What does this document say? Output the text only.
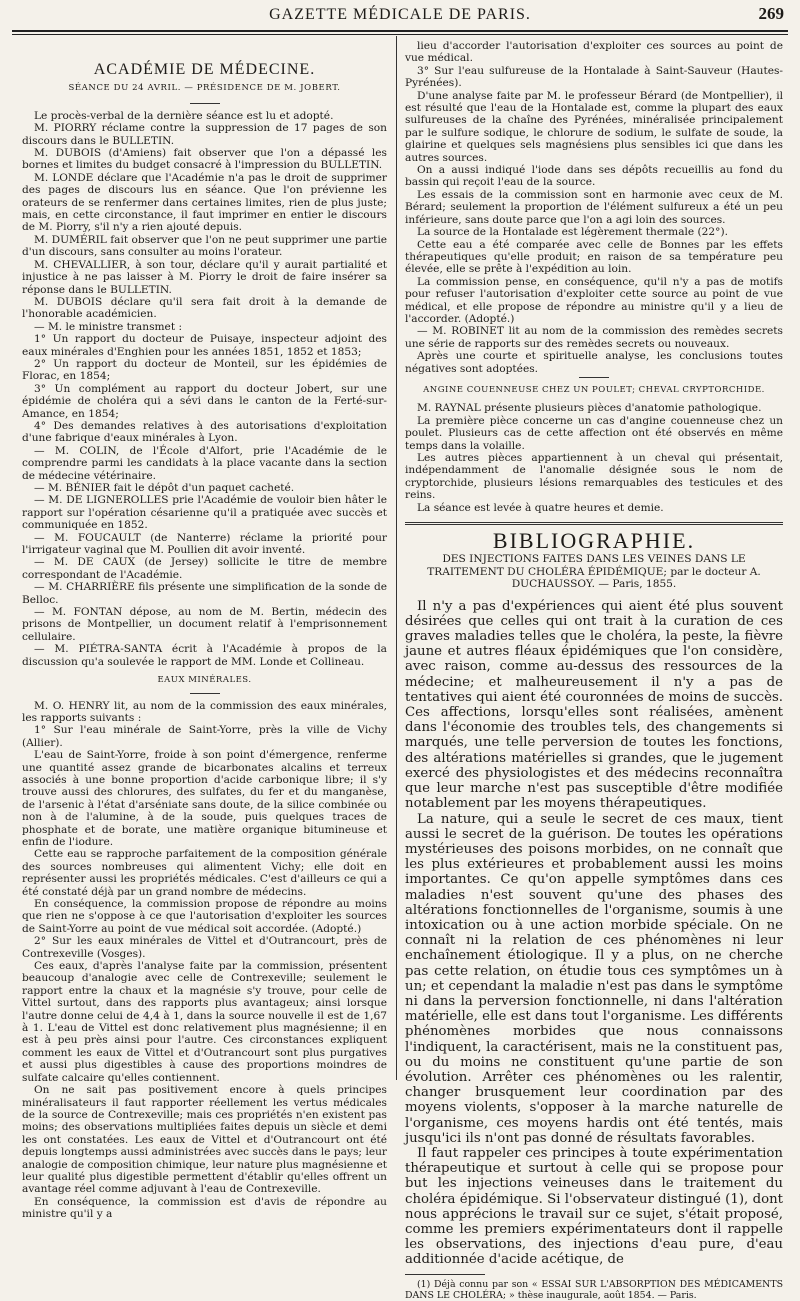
GAZETTE MÉDICALE DE PARIS.	269
ACADÉMIE DE MÉDECINE.
SÉANCE DU 24 AVRIL. — PRÉSIDENCE DE M. JOBERT.

Le procès-verbal de la dernière séance est lu et adopté.

M. PIORRY réclame contre la suppression de 17 pages de son discours dans le BULLETIN.

M. DUBOIS (d'Amiens) fait observer que l'on a dépassé les bornes et limites du budget consacré à l'impression du BULLETIN.

M. LONDE déclare que l'Académie n'a pas le droit de supprimer des pages de discours lus en séance. Que l'on prévienne les orateurs de se renfermer dans certaines limites, rien de plus juste; mais, en cette circonstance, il faut imprimer en entier le discours de M. Piorry, s'il n'y a rien ajouté depuis.

M. DUMÉRIL fait observer que l'on ne peut supprimer une partie d'un discours, sans consulter au moins l'orateur.

M. CHEVALLIER, à son tour, déclare qu'il y aurait partialité et injustice à ne pas laisser à M. Piorry le droit de faire insérer sa réponse dans le BULLETIN.

M. DUBOIS déclare qu'il sera fait droit à la demande de l'honorable académicien.

— M. le ministre transmet :

1° Un rapport du docteur de Puisaye, inspecteur adjoint des eaux minérales d'Enghien pour les années 1851, 1852 et 1853;

2° Un rapport du docteur de Monteil, sur les épidémies de Florac, en 1854;

3° Un complément au rapport du docteur Jobert, sur une épidémie de choléra qui a sévi dans le canton de la Ferté-sur-Amance, en 1854;

4° Des demandes relatives à des autorisations d'exploitation d'une fabrique d'eaux minérales à Lyon.

— M. COLIN, de l'École d'Alfort, prie l'Académie de le comprendre parmi les candidats à la place vacante dans la section de médecine vétérinaire.

— M. BÉNIER fait le dépôt d'un paquet cacheté.

— M. DE LIGNEROLLES prie l'Académie de vouloir bien hâter le rapport sur l'opération césarienne qu'il a pratiquée avec succès et communiquée en 1852.

— M. FOUCAULT (de Nanterre) réclame la priorité pour l'irrigateur vaginal que M. Poullien dit avoir inventé.

— M. DE CAUX (de Jersey) sollicite le titre de membre correspondant de l'Académie.

— M. CHARRIÈRE fils présente une simplification de la sonde de Belloc.

— M. FONTAN dépose, au nom de M. Bertin, médecin des prisons de Montpellier, un document relatif à l'emprisonnement cellulaire.

— M. PIÉTRA-SANTA écrit à l'Académie à propos de la discussion qu'a soulevée le rapport de MM. Londe et Collineau.

EAUX MINÉRALES.

M. O. HENRY lit, au nom de la commission des eaux minérales, les rapports suivants :

1° Sur l'eau minérale de Saint-Yorre, près la ville de Vichy (Allier).

L'eau de Saint-Yorre, froide à son point d'émergence, renferme une quantité assez grande de bicarbonates alcalins et terreux associés à une bonne proportion d'acide carbonique libre; il s'y trouve aussi des chlorures, des sulfates, du fer et du manganèse, de l'arsenic à l'état d'arséniate sans doute, de la silice combinée ou non à de l'alumine, à de la soude, puis quelques traces de phosphate et de borate, une matière organique bitumineuse et enfin de l'iodure.

Cette eau se rapproche parfaitement de la composition générale des sources nombreuses qui alimentent Vichy; elle doit en représenter aussi les propriétés médicales. C'est d'ailleurs ce qui a été constaté déjà par un grand nombre de médecins.

En conséquence, la commission propose de répondre au moins que rien ne s'oppose à ce que l'autorisation d'exploiter les sources de Saint-Yorre au point de vue médical soit accordée. (Adopté.)

2° Sur les eaux minérales de Vittel et d'Outrancourt, près de Contrexeville (Vosges).

Ces eaux, d'après l'analyse faite par la commission, présentent beaucoup d'analogie avec celle de Contrexeville; seulement le rapport entre la chaux et la magnésie s'y trouve, pour celle de Vittel surtout, dans des rapports plus avantageux; ainsi lorsque l'autre donne celui de 4,4 à 1, dans la source nouvelle il est de 1,67 à 1. L'eau de Vittel est donc relativement plus magnésienne; il en est à peu près ainsi pour l'autre. Ces circonstances expliquent comment les eaux de Vittel et d'Outrancourt sont plus purgatives et aussi plus digestibles à cause des proportions moindres de sulfate calcaire qu'elles contiennent.

On ne sait pas positivement encore à quels principes minéralisateurs il faut rapporter réellement les vertus médicales de la source de Contrexeville; mais ces propriétés n'en existent pas moins; des observations multipliées faites depuis un siècle et demi les ont constatées. Les eaux de Vittel et d'Outrancourt ont été depuis longtemps aussi administrées avec succès dans le pays; leur analogie de composition chimique, leur nature plus magnésienne et leur qualité plus digestible permettent d'établir qu'elles offrent un avantage réel comme adjuvant à l'eau de Contrexeville.

En conséquence, la commission est d'avis de répondre au ministre qu'il y a

lieu d'accorder l'autorisation d'exploiter ces sources au point de vue médical.

3° Sur l'eau sulfureuse de la Hontalade à Saint-Sauveur (Hautes-Pyrénées).

D'une analyse faite par M. le professeur Bérard (de Montpellier), il est résulté que l'eau de la Hontalade est, comme la plupart des eaux sulfureuses de la chaîne des Pyrénées, minéralisée principalement par le sulfure sodique, le chlorure de sodium, le sulfate de soude, la glairine et quelques sels magnésiens plus sensibles ici que dans les autres sources.

On a aussi indiqué l'iode dans ses dépôts recueillis au fond du bassin qui reçoit l'eau de la source.

Les essais de la commission sont en harmonie avec ceux de M. Bérard; seulement la proportion de l'élément sulfureux a été un peu inférieure, sans doute parce que l'on a agi loin des sources.

La source de la Hontalade est légèrement thermale (22°).

Cette eau a été comparée avec celle de Bonnes par les effets thérapeutiques qu'elle produit; en raison de sa température peu élevée, elle se prête à l'expédition au loin.

La commission pense, en conséquence, qu'il n'y a pas de motifs pour refuser l'autorisation d'exploiter cette source au point de vue médical, et elle propose de répondre au ministre qu'il y a lieu de l'accorder. (Adopté.)

— M. ROBINET lit au nom de la commission des remèdes secrets une série de rapports sur des remèdes secrets ou nouveaux.

Après une courte et spirituelle analyse, les conclusions toutes négatives sont adoptées.

ANGINE COUENNEUSE CHEZ UN POULET; CHEVAL CRYPTORCHIDE.

M. RAYNAL présente plusieurs pièces d'anatomie pathologique.

La première pièce concerne un cas d'angine couenneuse chez un poulet. Plusieurs cas de cette affection ont été observés en même temps dans la volaille.

Les autres pièces appartiennent à un cheval qui présentait, indépendamment de l'anomalie désignée sous le nom de cryptorchide, plusieurs lésions remarquables des testicules et des reins.

La séance est levée à quatre heures et demie.

BIBLIOGRAPHIE.
DES INJECTIONS FAITES DANS LES VEINES DANS LE TRAITEMENT DU CHOLÉRA ÉPIDÉMIQUE; par le docteur A. DUCHAUSSOY. — Paris, 1855.

Il n'y a pas d'expériences qui aient été plus souvent désirées que celles qui ont trait à la curation de ces graves maladies telles que le choléra, la peste, la fièvre jaune et autres fléaux épidémiques que l'on considère, avec raison, comme au-dessus des ressources de la médecine; et malheureusement il n'y a pas de tentatives qui aient été couronnées de moins de succès. Ces affections, lorsqu'elles sont réalisées, amènent dans l'économie des troubles tels, des changements si marqués, une telle perversion de toutes les fonctions, des altérations matérielles si grandes, que le jugement exercé des physiologistes et des médecins reconnaîtra que leur marche n'est pas susceptible d'être modifiée notablement par les moyens thérapeutiques.

La nature, qui a seule le secret de ces maux, tient aussi le secret de la guérison. De toutes les opérations mystérieuses des poisons morbides, on ne connaît que les plus extérieures et probablement aussi les moins importantes. Ce qu'on appelle symptômes dans ces maladies n'est souvent qu'une des phases des altérations fonctionnelles de l'organisme, soumis à une intoxication ou à une action morbide spéciale. On ne connaît ni la relation de ces phénomènes ni leur enchaînement étiologique. Il y a plus, on ne cherche pas cette relation, on étudie tous ces symptômes un à un; et cependant la maladie n'est pas dans le symptôme ni dans la perversion fonctionnelle, ni dans l'altération matérielle, elle est dans tout l'organisme. Les différents phénomènes morbides que nous connaissons l'indiquent, la caractérisent, mais ne la constituent pas, ou du moins ne constituent qu'une partie de son évolution. Arrêter ces phénomènes ou les ralentir, changer brusquement leur coordination par des moyens violents, s'opposer à la marche naturelle de l'organisme, ces moyens hardis ont été tentés, mais jusqu'ici ils n'ont pas donné de résultats favorables.

Il faut rappeler ces principes à toute expérimentation thérapeutique et surtout à celle qui se propose pour but les injections veineuses dans le traitement du choléra épidémique. Si l'observateur distingué (1), dont nous apprécions le travail sur ce sujet, s'était proposé, comme les premiers expérimentateurs dont il rappelle les observations, des injections d'eau pure, d'eau additionnée d'acide acétique, de

(1) Déjà connu par son « ESSAI SUR L'ABSORPTION DES MÉDICAMENTS DANS LE CHOLÉRA; » thèse inaugurale, août 1854. — Paris.
